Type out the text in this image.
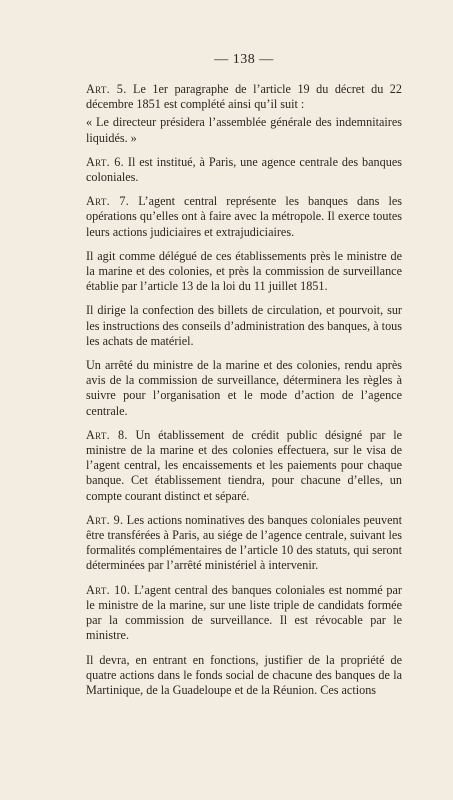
— 138 —

Art. 5. Le 1er paragraphe de l’article 19 du décret du 22 décembre 1851 est complété ainsi qu’il suit :

« Le directeur présidera l’assemblée générale des indemnitaires liquidés. »

Art. 6. Il est institué, à Paris, une agence centrale des banques coloniales.

Art. 7. L’agent central représente les banques dans les opérations qu’elles ont à faire avec la métropole. Il exerce toutes leurs actions judiciaires et extrajudiciaires.

Il agit comme délégué de ces établissements près le ministre de la marine et des colonies, et près la commission de surveillance établie par l’article 13 de la loi du 11 juillet 1851.

Il dirige la confection des billets de circulation, et pourvoit, sur les instructions des conseils d’administration des banques, à tous les achats de matériel.

Un arrêté du ministre de la marine et des colonies, rendu après avis de la commission de surveillance, déterminera les règles à suivre pour l’organisation et le mode d’action de l’agence centrale.

Art. 8. Un établissement de crédit public désigné par le ministre de la marine et des colonies effectuera, sur le visa de l’agent central, les encaissements et les paiements pour chaque banque. Cet établissement tiendra, pour chacune d’elles, un compte courant distinct et séparé.

Art. 9. Les actions nominatives des banques coloniales peuvent être transférées à Paris, au siége de l’agence centrale, suivant les formalités complémentaires de l’article 10 des statuts, qui seront déterminées par l’arrêté ministériel à intervenir.

Art. 10. L’agent central des banques coloniales est nommé par le ministre de la marine, sur une liste triple de candidats formée par la commission de surveillance. Il est révocable par le ministre.

Il devra, en entrant en fonctions, justifier de la propriété de quatre actions dans le fonds social de chacune des banques de la Martinique, de la Guadeloupe et de la Réunion. Ces actions
